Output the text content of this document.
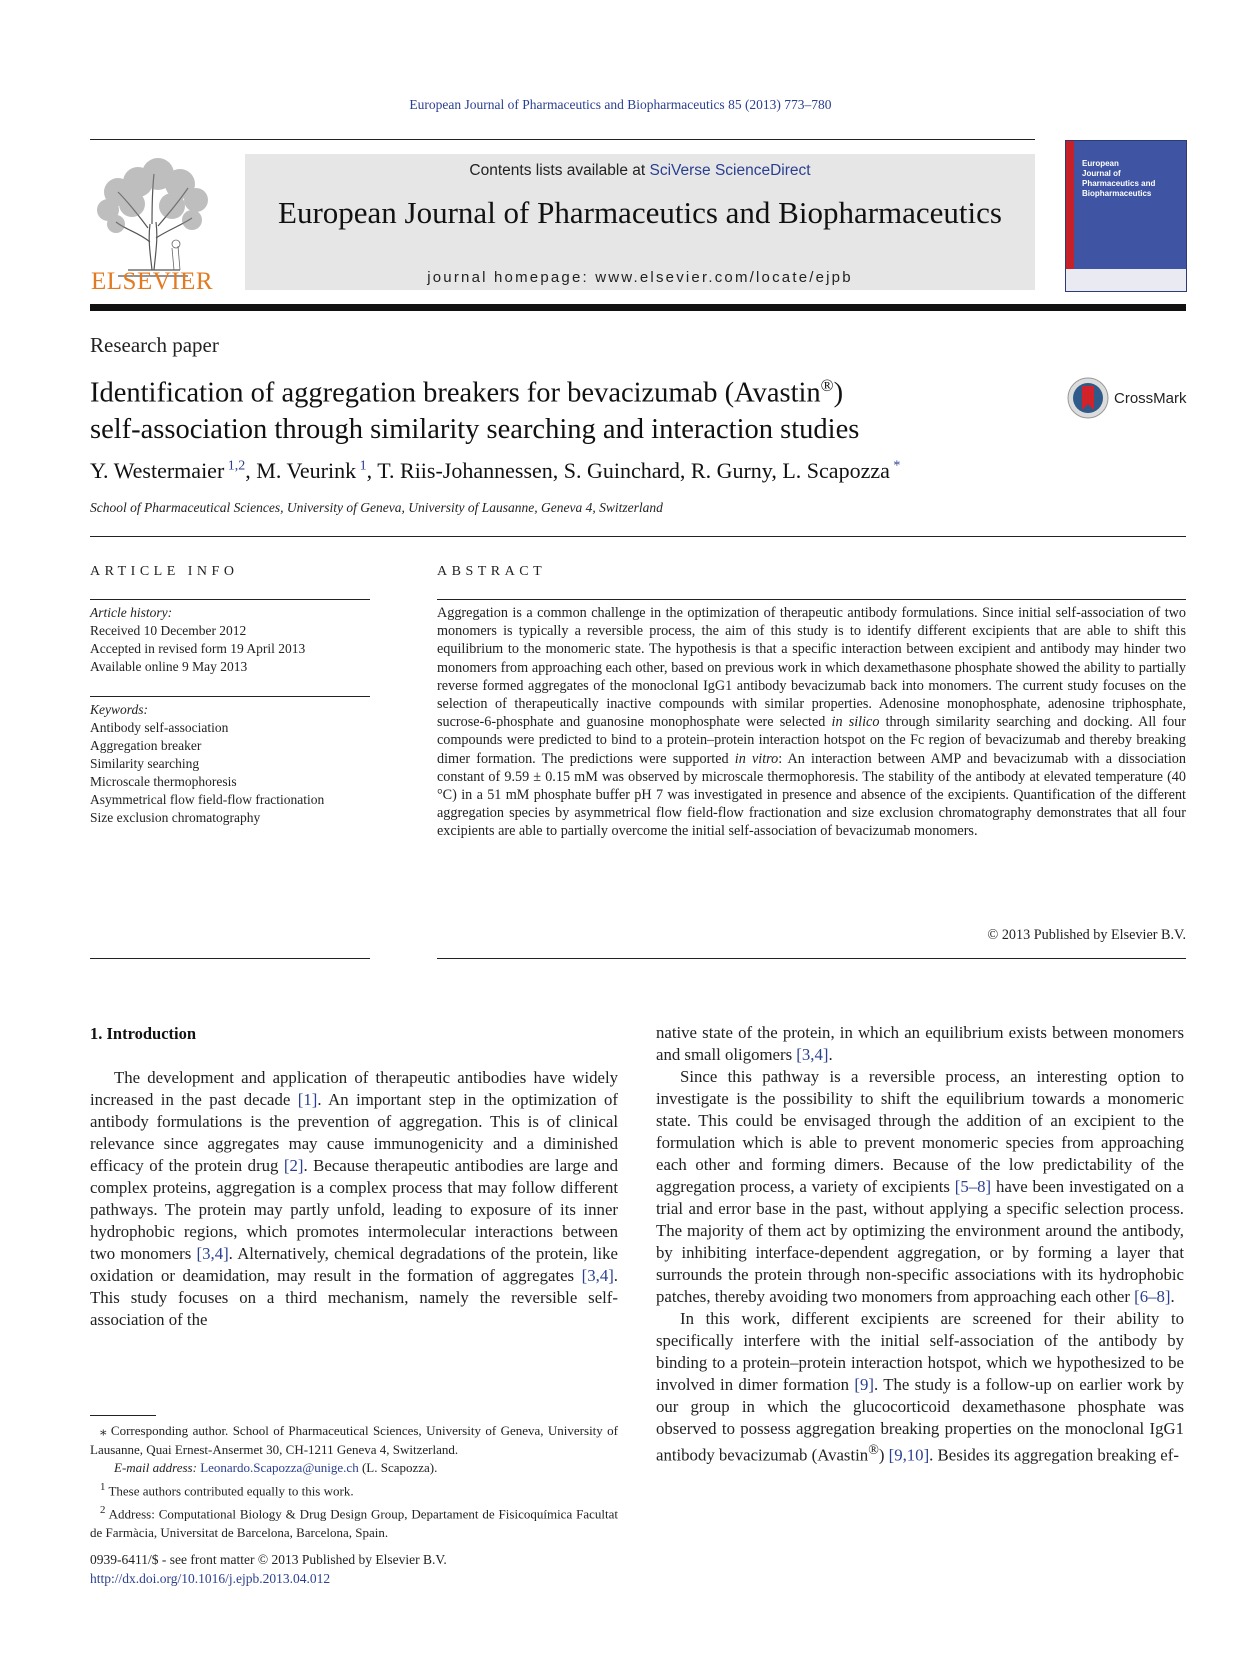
European Journal of Pharmaceutics and Biopharmaceutics 85 (2013) 773–780
ELSEVIER
Contents lists available at SciVerse ScienceDirect
European Journal of Pharmaceutics and Biopharmaceutics
journal homepage: www.elsevier.com/locate/ejpb
European
Journal of
Pharmaceutics and
Biopharmaceutics
Research paper
Identification of aggregation breakers for bevacizumab (Avastin®)
self-association through similarity searching and interaction studies
CrossMark
Y. Westermaier $^{1,2}$, M. Veurink $^1$, T. Riis-Johannessen, S. Guinchard, R. Gurny, L. Scapozza *
School of Pharmaceutical Sciences, University of Geneva, University of Lausanne, Geneva 4, Switzerland
ARTICLE INFO
Article history:
Received 10 December 2012
Accepted in revised form 19 April 2013
Available online 9 May 2013
Keywords:
Antibody self-association
Aggregation breaker
Similarity searching
Microscale thermophoresis
Asymmetrical flow field-flow fractionation
Size exclusion chromatography
ABSTRACT
Aggregation is a common challenge in the optimization of therapeutic antibody formulations. Since initial self-association of two monomers is typically a reversible process, the aim of this study is to identify different excipients that are able to shift this equilibrium to the monomeric state. The hypothesis is that a specific interaction between excipient and antibody may hinder two monomers from approaching each other, based on previous work in which dexamethasone phosphate showed the ability to partially reverse formed aggregates of the monoclonal IgG1 antibody bevacizumab back into monomers. The current study focuses on the selection of therapeutically inactive compounds with similar properties. Adenosine monophosphate, adenosine triphosphate, sucrose-6-phosphate and guanosine monophosphate were selected in silico through similarity searching and docking. All four compounds were predicted to bind to a protein–protein interaction hotspot on the Fc region of bevacizumab and thereby breaking dimer formation. The predictions were supported in vitro: An interaction between AMP and bevacizumab with a dissociation constant of 9.59 ± 0.15 mM was observed by microscale thermophoresis. The stability of the antibody at elevated temperature (40 °C) in a 51 mM phosphate buffer pH 7 was investigated in presence and absence of the excipients. Quantification of the different aggregation species by asymmetrical flow field-flow fractionation and size exclusion chromatography demonstrates that all four excipients are able to partially overcome the initial self-association of bevacizumab monomers.
© 2013 Published by Elsevier B.V.
1. Introduction

The development and application of therapeutic antibodies have widely increased in the past decade [1]. An important step in the optimization of antibody formulations is the prevention of aggregation. This is of clinical relevance since aggregates may cause immunogenicity and a diminished efficacy of the protein drug [2]. Because therapeutic antibodies are large and complex proteins, aggregation is a complex process that may follow different pathways. The protein may partly unfold, leading to exposure of its inner hydrophobic regions, which promotes intermolecular interactions between two monomers [3,4]. Alternatively, chemical degradations of the protein, like oxidation or deamidation, may result in the formation of aggregates [3,4]. This study focuses on a third mechanism, namely the reversible self-association of the

native state of the protein, in which an equilibrium exists between monomers and small oligomers [3,4].

Since this pathway is a reversible process, an interesting option to investigate is the possibility to shift the equilibrium towards a monomeric state. This could be envisaged through the addition of an excipient to the formulation which is able to prevent monomeric species from approaching each other and forming dimers. Because of the low predictability of the aggregation process, a variety of excipients [5–8] have been investigated on a trial and error base in the past, without applying a specific selection process. The majority of them act by optimizing the environment around the antibody, by inhibiting interface-dependent aggregation, or by forming a layer that surrounds the protein through non-specific associations with its hydrophobic patches, thereby avoiding two monomers from approaching each other [6–8].

In this work, different excipients are screened for their ability to specifically interfere with the initial self-association of the antibody by binding to a protein–protein interaction hotspot, which we hypothesized to be involved in dimer formation [9]. The study is a follow-up on earlier work by our group in which the glucocorticoid dexamethasone phosphate was observed to possess aggregation breaking properties on the monoclonal IgG1 antibody bevacizumab (Avastin®) [9,10]. Besides its aggregation breaking ef-

⁎ Corresponding author. School of Pharmaceutical Sciences, University of Geneva, University of Lausanne, Quai Ernest-Ansermet 30, CH-1211 Geneva 4, Switzerland.

E-mail address: Leonardo.Scapozza@unige.ch (L. Scapozza).

$^1$ These authors contributed equally to this work.

$^2$ Address: Computational Biology & Drug Design Group, Departament de Fisicoquímica Facultat de Farmàcia, Universitat de Barcelona, Barcelona, Spain.

0939-6411/$ - see front matter © 2013 Published by Elsevier B.V.
http://dx.doi.org/10.1016/j.ejpb.2013.04.012
